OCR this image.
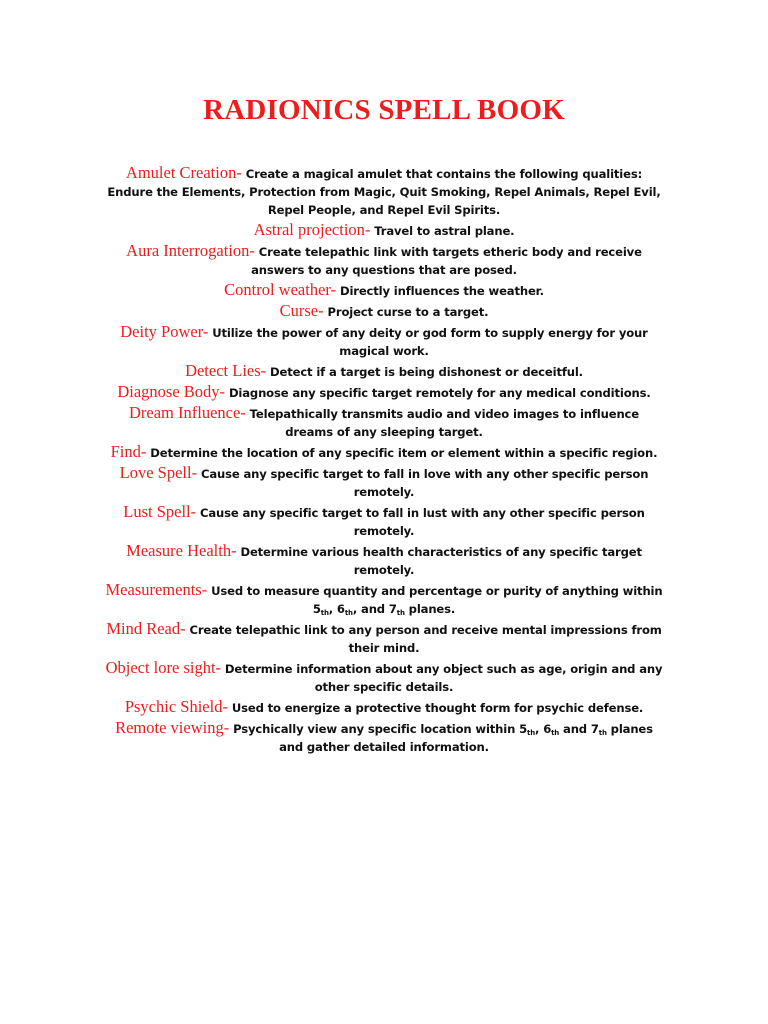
RADIONICS SPELL BOOK

Amulet Creation- Create a magical amulet that contains the following qualities: Endure the Elements, Protection from Magic, Quit Smoking, Repel Animals, Repel Evil, Repel People, and Repel Evil Spirits.

Astral projection- Travel to astral plane.

Aura Interrogation- Create telepathic link with targets etheric body and receive answers to any questions that are posed.

Control weather- Directly influences the weather.

Curse- Project curse to a target.

Deity Power- Utilize the power of any deity or god form to supply energy for your magical work.

Detect Lies- Detect if a target is being dishonest or deceitful.

Diagnose Body- Diagnose any specific target remotely for any medical conditions.

Dream Influence- Telepathically transmits audio and video images to influence dreams of any sleeping target.

Find- Determine the location of any specific item or element within a specific region.

Love Spell- Cause any specific target to fall in love with any other specific person remotely.

Lust Spell- Cause any specific target to fall in lust with any other specific person remotely.

Measure Health- Determine various health characteristics of any specific target remotely.

Measurements- Used to measure quantity and percentage or purity of anything within $5_{th}$, $6_{th}$, and $7_{th}$ planes.

Mind Read- Create telepathic link to any person and receive mental impressions from their mind.

Object lore sight- Determine information about any object such as age, origin and any other specific details.

Psychic Shield- Used to energize a protective thought form for psychic defense.

Remote viewing- Psychically view any specific location within $5_{th}$, $6_{th}$ and $7_{th}$ planes and gather detailed information.
